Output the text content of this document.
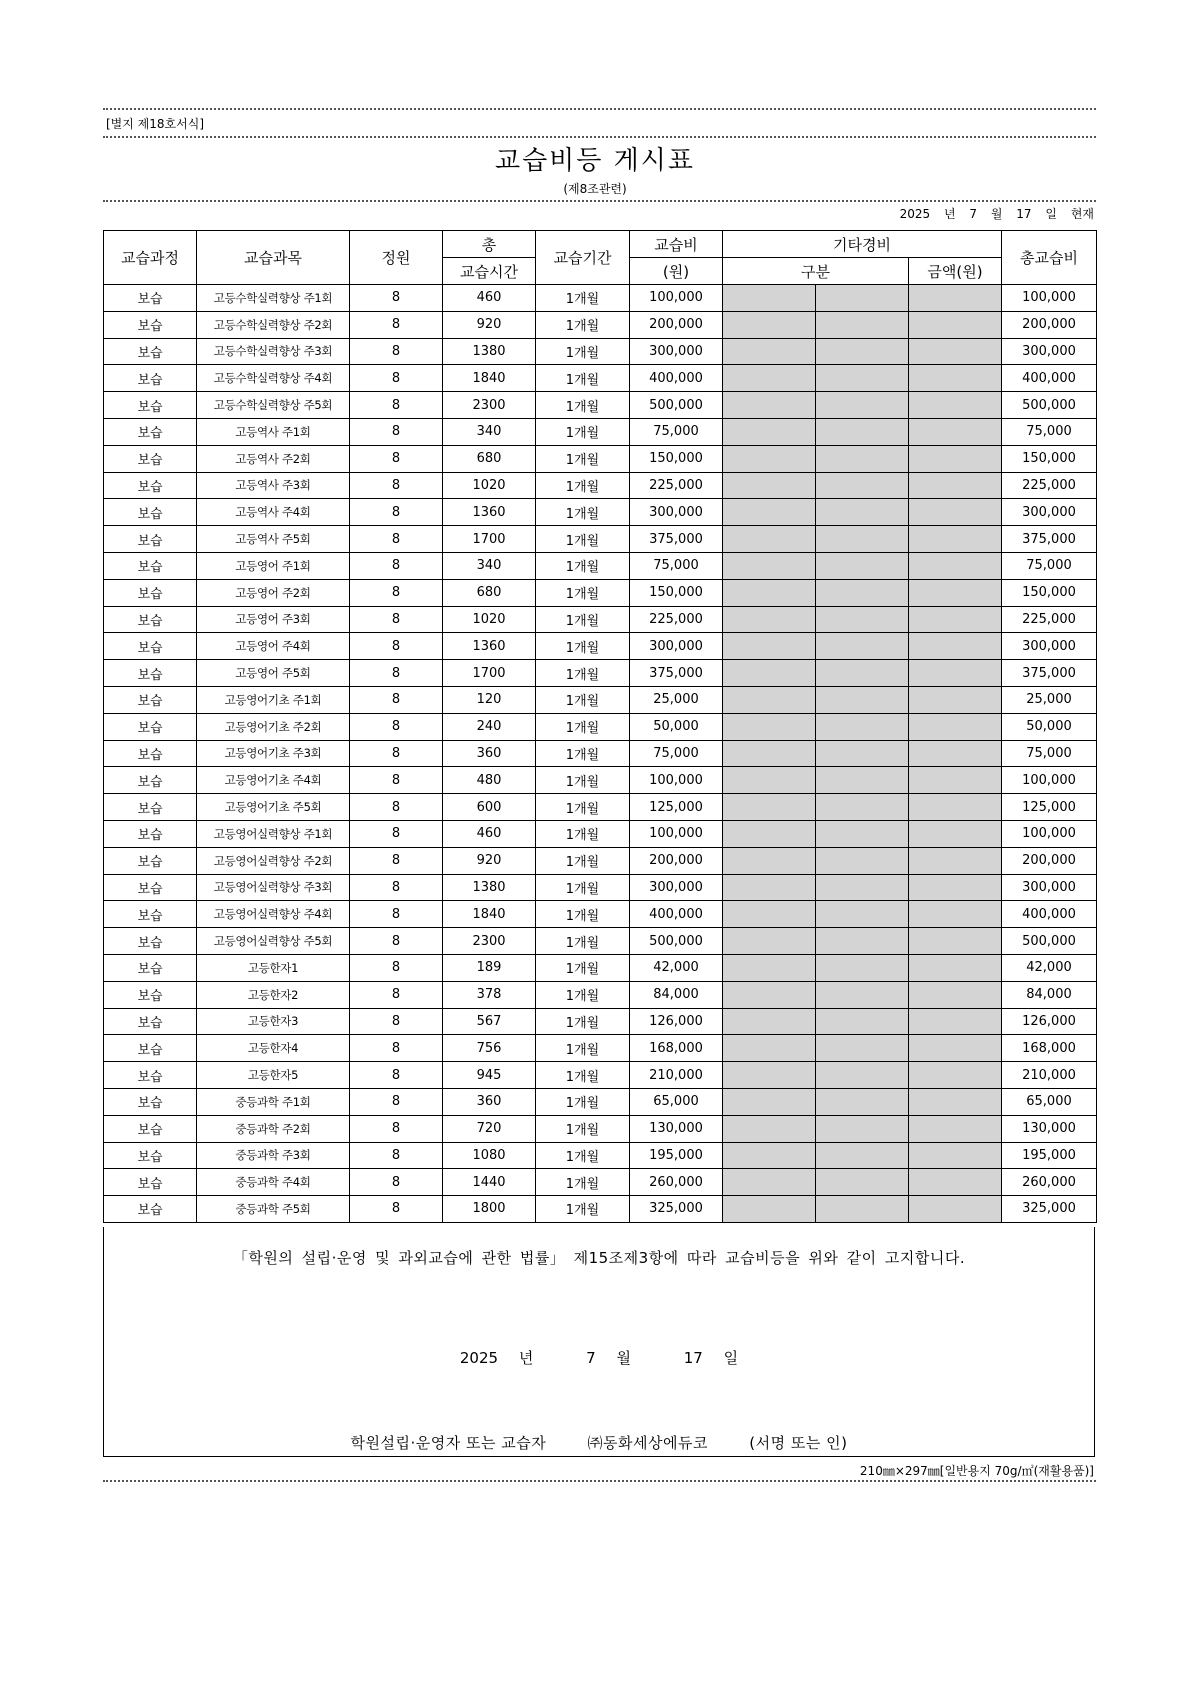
[별지 제18호서식]
교습비등 게시표
(제8조관련)
2025 년 7 월 17 일 현재
교습과정	교습과목	정원	총	교습기간	교습비	기타경비			총교습비
			교습시간		(원)	구분		금액(원)	
보습	고등수학실력향상 주1회	8	460	1개월	100,000				100,000
보습	고등수학실력향상 주2회	8	920	1개월	200,000				200,000
보습	고등수학실력향상 주3회	8	1380	1개월	300,000				300,000
보습	고등수학실력향상 주4회	8	1840	1개월	400,000				400,000
보습	고등수학실력향상 주5회	8	2300	1개월	500,000				500,000
보습	고등역사 주1회	8	340	1개월	75,000				75,000
보습	고등역사 주2회	8	680	1개월	150,000				150,000
보습	고등역사 주3회	8	1020	1개월	225,000				225,000
보습	고등역사 주4회	8	1360	1개월	300,000				300,000
보습	고등역사 주5회	8	1700	1개월	375,000				375,000
보습	고등영어 주1회	8	340	1개월	75,000				75,000
보습	고등영어 주2회	8	680	1개월	150,000				150,000
보습	고등영어 주3회	8	1020	1개월	225,000				225,000
보습	고등영어 주4회	8	1360	1개월	300,000				300,000
보습	고등영어 주5회	8	1700	1개월	375,000				375,000
보습	고등영어기초 주1회	8	120	1개월	25,000				25,000
보습	고등영어기초 주2회	8	240	1개월	50,000				50,000
보습	고등영어기초 주3회	8	360	1개월	75,000				75,000
보습	고등영어기초 주4회	8	480	1개월	100,000				100,000
보습	고등영어기초 주5회	8	600	1개월	125,000				125,000
보습	고등영어실력향상 주1회	8	460	1개월	100,000				100,000
보습	고등영어실력향상 주2회	8	920	1개월	200,000				200,000
보습	고등영어실력향상 주3회	8	1380	1개월	300,000				300,000
보습	고등영어실력향상 주4회	8	1840	1개월	400,000				400,000
보습	고등영어실력향상 주5회	8	2300	1개월	500,000				500,000
보습	고등한자1	8	189	1개월	42,000				42,000
보습	고등한자2	8	378	1개월	84,000				84,000
보습	고등한자3	8	567	1개월	126,000				126,000
보습	고등한자4	8	756	1개월	168,000				168,000
보습	고등한자5	8	945	1개월	210,000				210,000
보습	중등과학 주1회	8	360	1개월	65,000				65,000
보습	중등과학 주2회	8	720	1개월	130,000				130,000
보습	중등과학 주3회	8	1080	1개월	195,000				195,000
보습	중등과학 주4회	8	1440	1개월	260,000				260,000
보습	중등과학 주5회	8	1800	1개월	325,000				325,000
「학원의 설립·운영 및 과외교습에 관한 법률」 제15조제3항에 따라 교습비등을 위와 같이 고지합니다.
2025 년	7 월	17 일
학원설립·운영자 또는 교습자	㈜동화세상에듀코	(서명 또는 인)
210㎜×297㎜[일반용지 70g/㎡(재활용품)]
